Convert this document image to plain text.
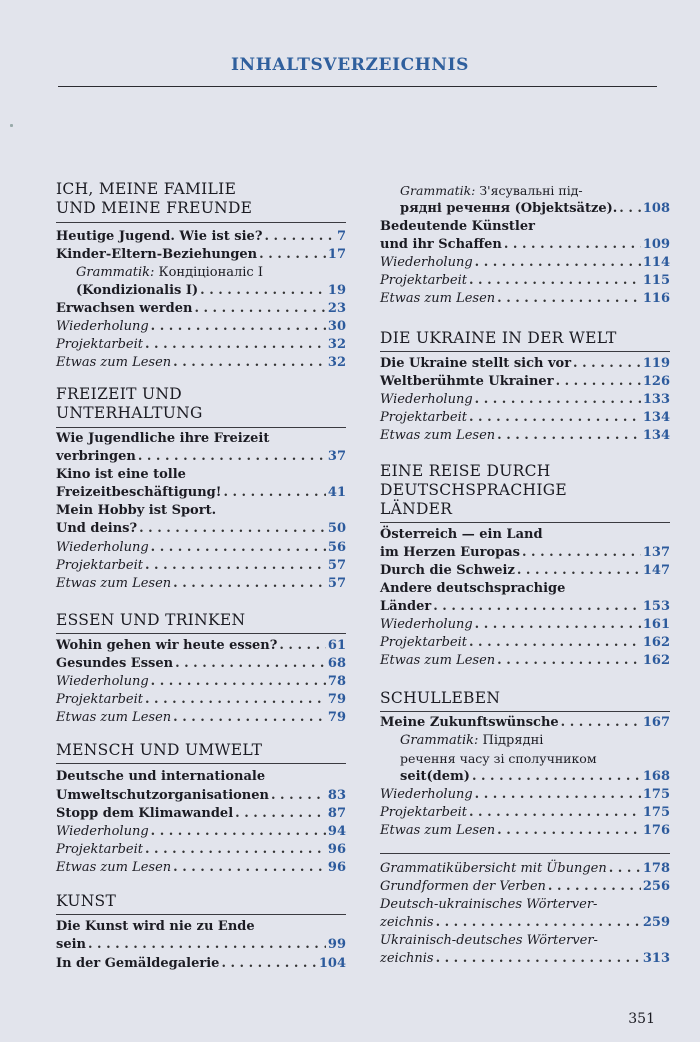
INHALTSVERZEICHNIS
ICH, MEINE FAMILIE
UND MEINE FREUNDE
Heutige Jugend. Wie ist sie? . . .	7
Kinder-Eltern-Beziehungen . . .	17
Grammatik: Кондіціоналіс I
(Kondizionalis I) . . .	19
Erwachsen werden . . .	23
Wiederholung . . .	30
Projektarbeit . . .	32
Etwas zum Lesen . . .	32
FREIZEIT UND
UNTERHALTUNG
Wie Jugendliche ihre Freizeit
verbringen . . .	37
Kino ist eine tolle
Freizeitbeschäftigung! . . .	41
Mein Hobby ist Sport.
Und deins? . . .	50
Wiederholung . . .	56
Projektarbeit . . .	57
Etwas zum Lesen . . .	57
ESSEN UND TRINKEN
Wohin gehen wir heute essen? . . .	61
Gesundes Essen . . .	68
Wiederholung . . .	78
Projektarbeit . . .	79
Etwas zum Lesen . . .	79
MENSCH UND UMWELT
Deutsche und internationale
Umweltschutzorganisationen . . .	83
Stopp dem Klimawandel . . .	87
Wiederholung . . .	94
Projektarbeit . . .	96
Etwas zum Lesen . . .	96
KUNST
Die Kunst wird nie zu Ende
sein . . .	99
In der Gemäldegalerie . . .	104
Grammatik: З'ясувальні під-
рядні речення (Objektsätze). . . . 108
Bedeutende Künstler
und ihr Schaffen . . .	109
Wiederholung . . .	114
Projektarbeit . . .	115
Etwas zum Lesen . . .	116
DIE UKRAINE IN DER WELT
Die Ukraine stellt sich vor . . .	119
Weltberühmte Ukrainer . . .	126
Wiederholung . . .	133
Projektarbeit . . .	134
Etwas zum Lesen . . .	134
EINE REISE DURCH
DEUTSCHSPRACHIGE
LÄNDER
Österreich — ein Land
im Herzen Europas . . .	137
Durch die Schweiz . . .	147
Andere deutschsprachige
Länder . . .	153
Wiederholung . . .	161
Projektarbeit . . .	162
Etwas zum Lesen . . .	162
SCHULLEBEN
Meine Zukunftswünsche . . .	167
Grammatik: Підрядні
речення часу зі сполучником
seit(dem) . . .	168
Wiederholung . . .	175
Projektarbeit . . .	175
Etwas zum Lesen . . .	176
Grammatikübersicht mit Übungen . . .	178
Grundformen der Verben . . .	256
Deutsch-ukrainisches Wörterver-
zeichnis . . .	259
Ukrainisch-deutsches Wörterver-
zeichnis . . .	313
351
